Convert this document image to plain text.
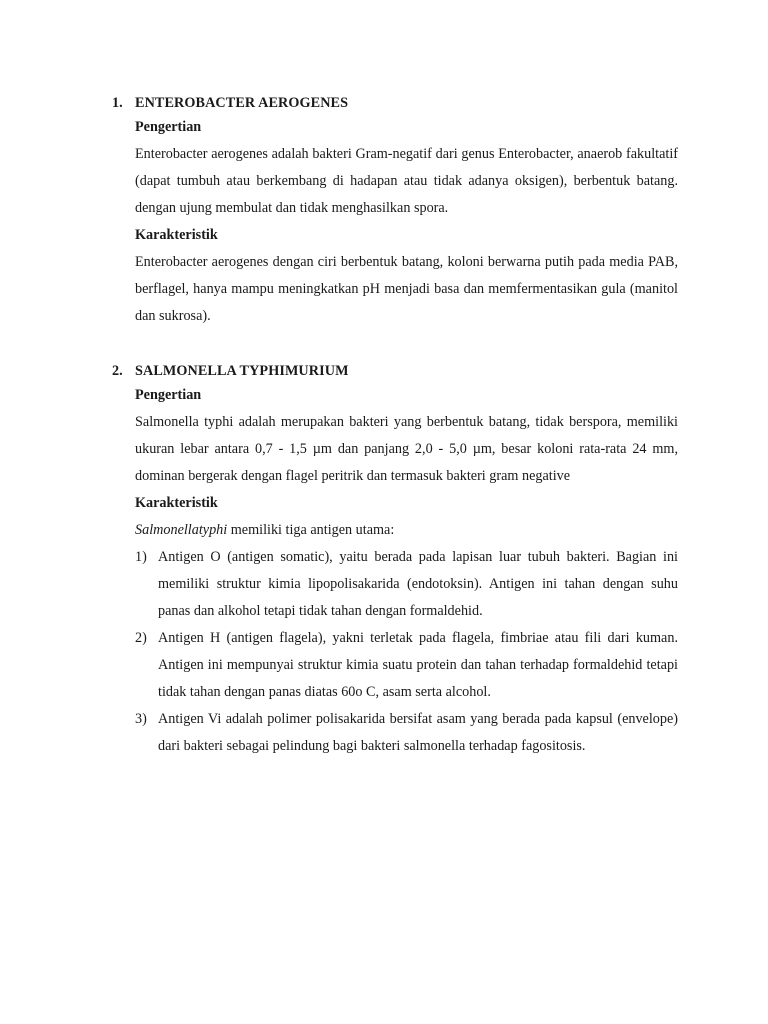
1. ENTEROBACTER AEROGENES
Pengertian

Enterobacter aerogenes adalah bakteri Gram-negatif dari genus Enterobacter, anaerob fakultatif (dapat tumbuh atau berkembang di hadapan atau tidak adanya oksigen), berbentuk batang. dengan ujung membulat dan tidak menghasilkan spora.

Karakteristik

Enterobacter aerogenes dengan ciri berbentuk batang, koloni berwarna putih pada media PAB, berflagel, hanya mampu meningkatkan pH menjadi basa dan memfermentasikan gula (manitol dan sukrosa).

2. SALMONELLA TYPHIMURIUM
Pengertian

Salmonella typhi adalah merupakan bakteri yang berbentuk batang, tidak berspora, memiliki ukuran lebar antara 0,7 - 1,5 µm dan panjang 2,0 - 5,0 µm, besar koloni rata-rata 24 mm, dominan bergerak dengan flagel peritrik dan termasuk bakteri gram negative

Karakteristik

Salmonellatyphi memiliki tiga antigen utama:

1) Antigen O (antigen somatic), yaitu berada pada lapisan luar tubuh bakteri. Bagian ini memiliki struktur kimia lipopolisakarida (endotoksin). Antigen ini tahan dengan suhu panas dan alkohol tetapi tidak tahan dengan formaldehid.
2) Antigen H (antigen flagela), yakni terletak pada flagela, fimbriae atau fili dari kuman. Antigen ini mempunyai struktur kimia suatu protein dan tahan terhadap formaldehid tetapi tidak tahan dengan panas diatas 60o C, asam serta alcohol.
3) Antigen Vi adalah polimer polisakarida bersifat asam yang berada pada kapsul (envelope) dari bakteri sebagai pelindung bagi bakteri salmonella terhadap fagositosis.
